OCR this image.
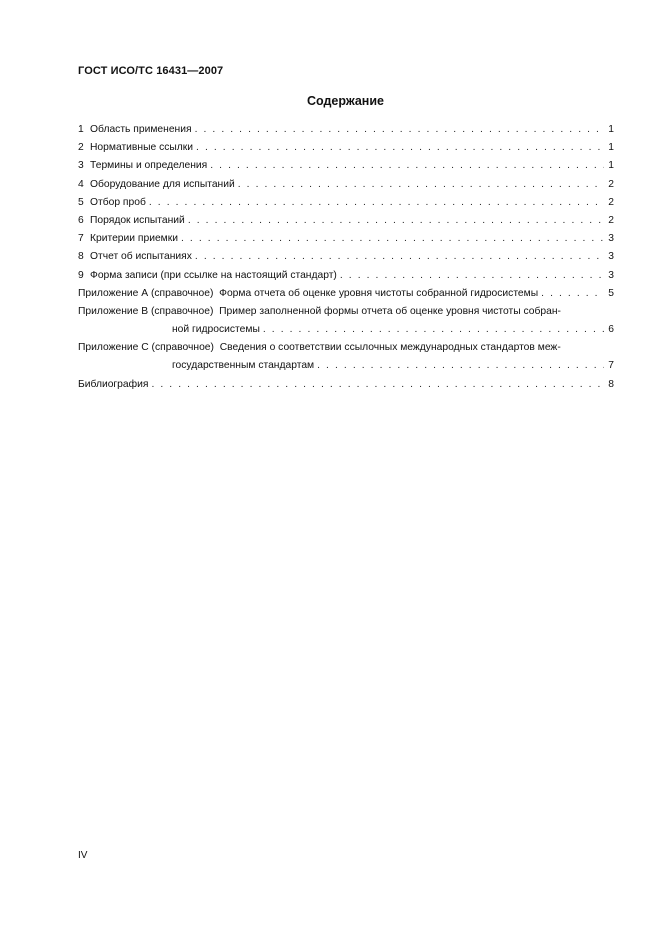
ГОСТ ИСО/ТС 16431—2007
Содержание
1 Область применения . . .	1
2 Нормативные ссылки . . .	1
3 Термины и определения . . .	1
4 Оборудование для испытаний . . .	2
5 Отбор проб . . .	2
6 Порядок испытаний . . .	2
7 Критерии приемки . . .	3
8 Отчет об испытаниях . . .	3
9 Форма записи (при ссылке на настоящий стандарт) . . .	3
Приложение А (справочное) Форма отчета об оценке уровня чистоты собранной гидросистемы . . .	5
Приложение В (справочное) Пример заполненной формы отчета об оценке уровня чистоты собран-
ной гидросистемы . . .	6
Приложение С (справочное) Сведения о соответствии ссылочных международных стандартов меж-
государственным стандартам . . .	7
Библиография . . .	8
IV
